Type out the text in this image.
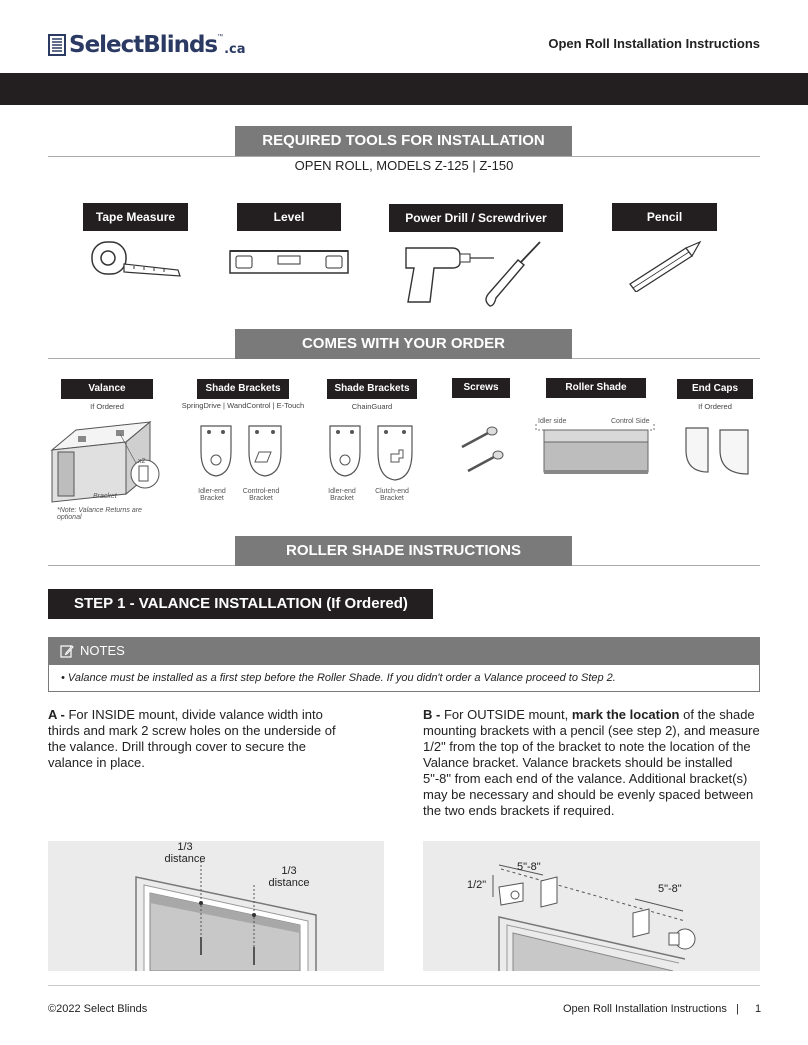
SelectBlinds ™
.ca	Open Roll Installation Instructions
REQUIRED TOOLS FOR INSTALLATION
OPEN ROLL, MODELS Z-125 | Z-150
Tape Measure	Level	Power Drill / Screwdriver	Pencil
COMES WITH YOUR ORDER
Valance
If Ordered
Shade Brackets
SpringDrive | WandControl | E-Touch
Shade Brackets
ChainGuard
Screws	Roller Shade	End Caps
If Ordered
x2
Bracket
*Note: Valance Returns are optional
Idler-end Bracket
Control-end Bracket
Idler-end Bracket
Clutch-end Bracket
Idler side	Control Side
ROLLER SHADE INSTRUCTIONS
STEP 1 - VALANCE INSTALLATION (If Ordered)
NOTES
• Valance must be installed as a first step before the Roller Shade. If you didn't order a Valance proceed to Step 2.
A - For INSIDE mount, divide valance width into thirds and mark 2 screw holes on the underside of the valance. Drill through cover to secure the valance in place.
B - For OUTSIDE mount, mark the location of the shade mounting brackets with a pencil (see step 2), and measure 1/2" from the top of the bracket to note the location of the Valance bracket. Valance brackets should be installed 5"-8" from each end of the valance. Additional bracket(s) may be necessary and should be evenly spaced between the two ends brackets if required.
1/3
distance
1/3
distance	1/2"
5"-8"
5"-8"
©2022 Select Blinds	Open Roll Installation Instructions | 1
